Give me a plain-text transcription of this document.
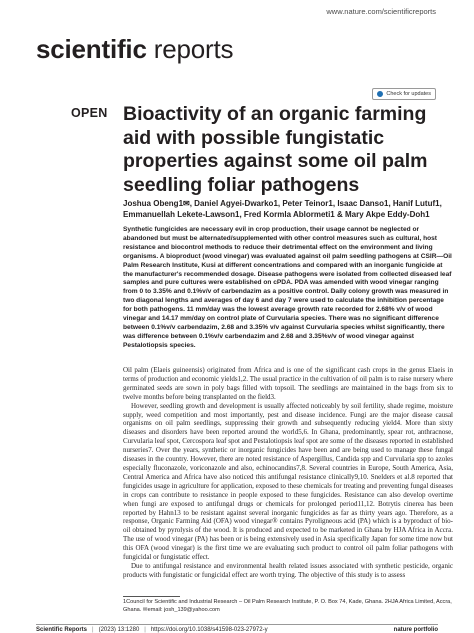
www.nature.com/scientificreports
scientific reports
Check for updates
OPEN Bioactivity of an organic farming aid with possible fungistatic properties against some oil palm seedling foliar pathogens

Joshua Obeng1✉, Daniel Agyei-Dwarko1, Peter Teinor1, Isaac Danso1, Hanif Lutuf1, Emmanuellah Lekete-Lawson1, Fred Kormla Ablormeti1 & Mary Akpe Eddy-Doh1

Synthetic fungicides are necessary evil in crop production, their usage cannot be neglected or abandoned but must be alternated/supplemented with other control measures such as cultural, host resistance and biocontrol methods to reduce their detrimental effect on the environment and living organisms. A bioproduct (wood vinegar) was evaluated against oil palm seedling pathogens at CSIR—Oil Palm Research Institute, Kusi at different concentrations and compared with an inorganic fungicide at the manufacturer's recommended dosage. Disease pathogens were isolated from collected diseased leaf samples and pure cultures were established on cPDA. PDA was amended with wood vinegar ranging from 0 to 3.35% and 0.1%v/v of carbendazim as a positive control. Daily colony growth was measured in two diagonal lengths and averages of day 6 and day 7 were used to calculate the inhibition percentage for both pathogens. 11 mm/day was the lowest average growth rate recorded for 2.68% v/v of wood vinegar and 14.17 mm/day on control plate of Curvularia species. There was no significant difference between 0.1%v/v carbendazim, 2.68 and 3.35% v/v against Curvularia species whilst significantly, there was difference between 0.1%v/v carbendazim and 2.68 and 3.35%v/v of wood vinegar against Pestalotiopsis species.

Oil palm (Elaeis guineensis) originated from Africa and is one of the significant cash crops in the genus Elaeis in terms of production and economic yields1,2. The usual practice in the cultivation of oil palm is to raise nursery where germinated seeds are sown in poly bags filled with topsoil. The seedlings are maintained in the bags from six to twelve months before being transplanted on the field3.

However, seedling growth and development is usually affected noticeably by soil fertility, shade regime, moisture supply, weed competition and most importantly, pest and disease incidence. Fungi are the major disease causal organisms on oil palm seedlings, suppressing their growth and subsequently reducing yield4. More than sixty diseases and disorders have been reported around the world5,6. In Ghana, predominantly, spear rot, anthracnose, Curvularia leaf spot, Cercospora leaf spot and Pestalotiopsis leaf spot are some of the diseases reported in established nurseries7. Over the years, synthetic or inorganic fungicides have been and are being used to manage these fungal diseases in the country. However, there are noted resistance of Aspergillus, Candida spp and Curvularia spp to azoles especially fluconazole, voriconazole and also, echinocandins7,8. Several countries in Europe, South America, Asia, Central America and Africa have also noticed this antifungal resistance clinically9,10. Snelders et al.8 reported that fungicides usage in agriculture for application, exposed to these chemicals for treating and preventing fungal diseases in crops can contribute to resistance in people exposed to these fungicides. Resistance can also develop overtime when fungi are exposed to antifungal drugs or chemicals for prolonged period11,12. Botrytis cinerea has been reported by Hahn13 to be resistant against several inorganic fungicides as far as thirty years ago. Therefore, as a response, Organic Farming Aid (OFA) wood vinegar® contains Pyroligneous acid (PA) which is a byproduct of bio-oil obtained by pyrolysis of the wood. It is produced and expected to be marketed in Ghana by HJA Africa in Accra. The use of wood vinegar (PA) has been or is being extensively used in Asia specifically Japan for some time now but this OFA (wood vinegar) is the first time we are evaluating such product to control oil palm foliar pathogens with fungicidal or fungistatic effect.

Due to antifungal resistance and environmental health related issues associated with synthetic pesticide, organic products with fungistatic or fungicidal effect are worth trying. The objective of this study is to assess

1Council for Scientific and Industrial Research – Oil Palm Research Institute, P. O. Box 74, Kade, Ghana. 2HJA Africa Limited, Accra, Ghana. ✉email: josh_139@yahoo.com

Scientific Reports | (2023) 13:1280 | https://doi.org/10.1038/s41598-023-27972-y	nature portfolio
